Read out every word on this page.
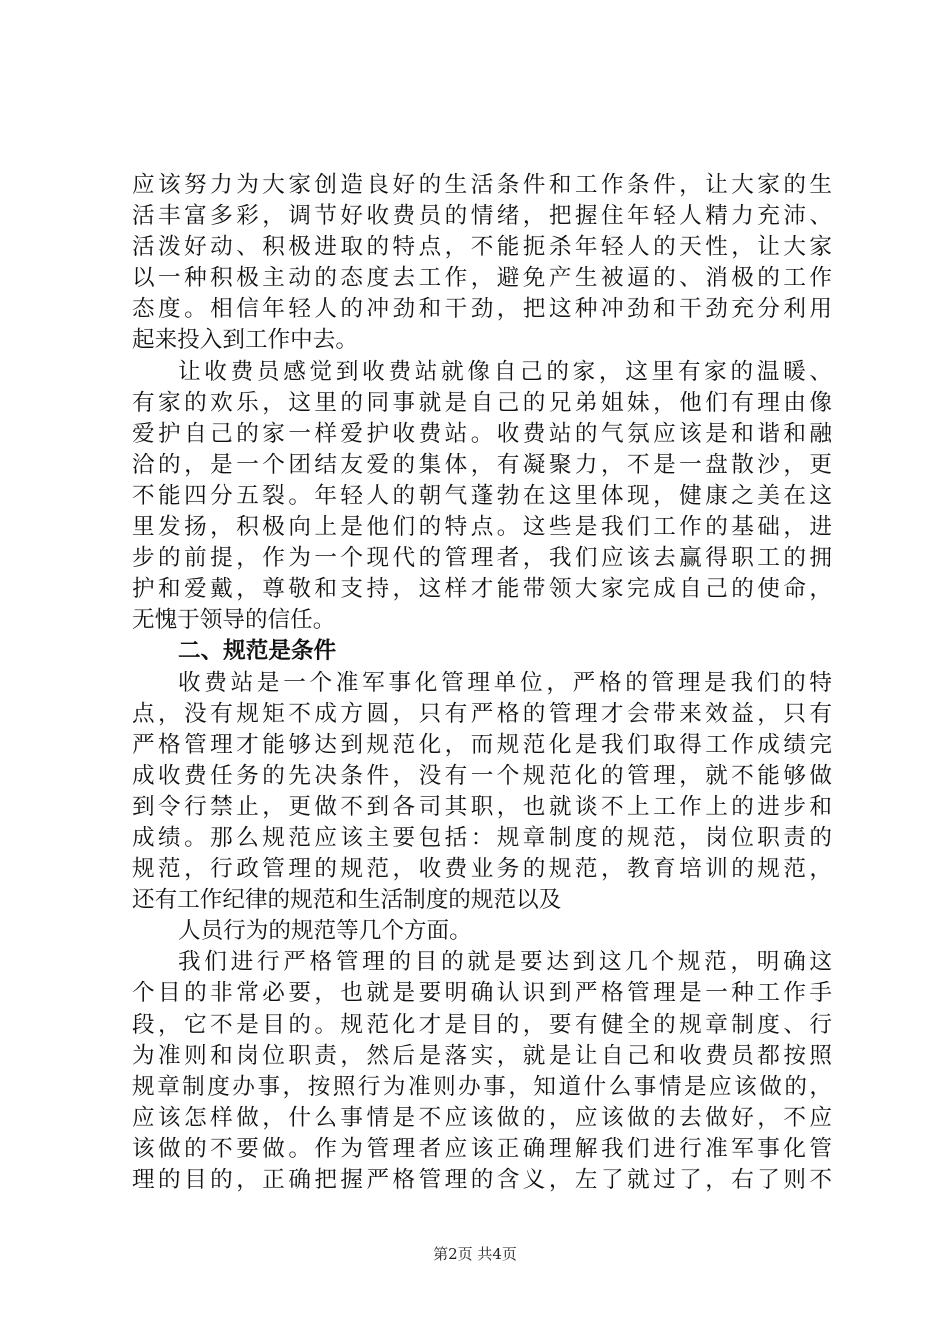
应该努力为大家创造良好的生活条件和工作条件，让大家的生
活丰富多彩，调节好收费员的情绪，把握住年轻人精力充沛、
活泼好动、积极进取的特点，不能扼杀年轻人的天性，让大家
以一种积极主动的态度去工作，避免产生被逼的、消极的工作
态度。相信年轻人的冲劲和干劲，把这种冲劲和干劲充分利用
起来投入到工作中去。
让收费员感觉到收费站就像自己的家，这里有家的温暖、
有家的欢乐，这里的同事就是自己的兄弟姐妹，他们有理由像
爱护自己的家一样爱护收费站。收费站的气氛应该是和谐和融
洽的，是一个团结友爱的集体，有凝聚力，不是一盘散沙，更
不能四分五裂。年轻人的朝气蓬勃在这里体现，健康之美在这
里发扬，积极向上是他们的特点。这些是我们工作的基础，进
步的前提，作为一个现代的管理者，我们应该去赢得职工的拥
护和爱戴，尊敬和支持，这样才能带领大家完成自己的使命，
无愧于领导的信任。
二、规范是条件
收费站是一个准军事化管理单位，严格的管理是我们的特
点，没有规矩不成方圆，只有严格的管理才会带来效益，只有
严格管理才能够达到规范化，而规范化是我们取得工作成绩完
成收费任务的先决条件，没有一个规范化的管理，就不能够做
到令行禁止，更做不到各司其职，也就谈不上工作上的进步和
成绩。那么规范应该主要包括：规章制度的规范，岗位职责的
规范，行政管理的规范，收费业务的规范，教育培训的规范，
还有工作纪律的规范和生活制度的规范以及
人员行为的规范等几个方面。
我们进行严格管理的目的就是要达到这几个规范，明确这
个目的非常必要，也就是要明确认识到严格管理是一种工作手
段，它不是目的。规范化才是目的，要有健全的规章制度、行
为准则和岗位职责，然后是落实，就是让自己和收费员都按照
规章制度办事，按照行为准则办事，知道什么事情是应该做的，
应该怎样做，什么事情是不应该做的，应该做的去做好，不应
该做的不要做。作为管理者应该正确理解我们进行准军事化管
理的目的，正确把握严格管理的含义，左了就过了，右了则不
第2页 共4页
